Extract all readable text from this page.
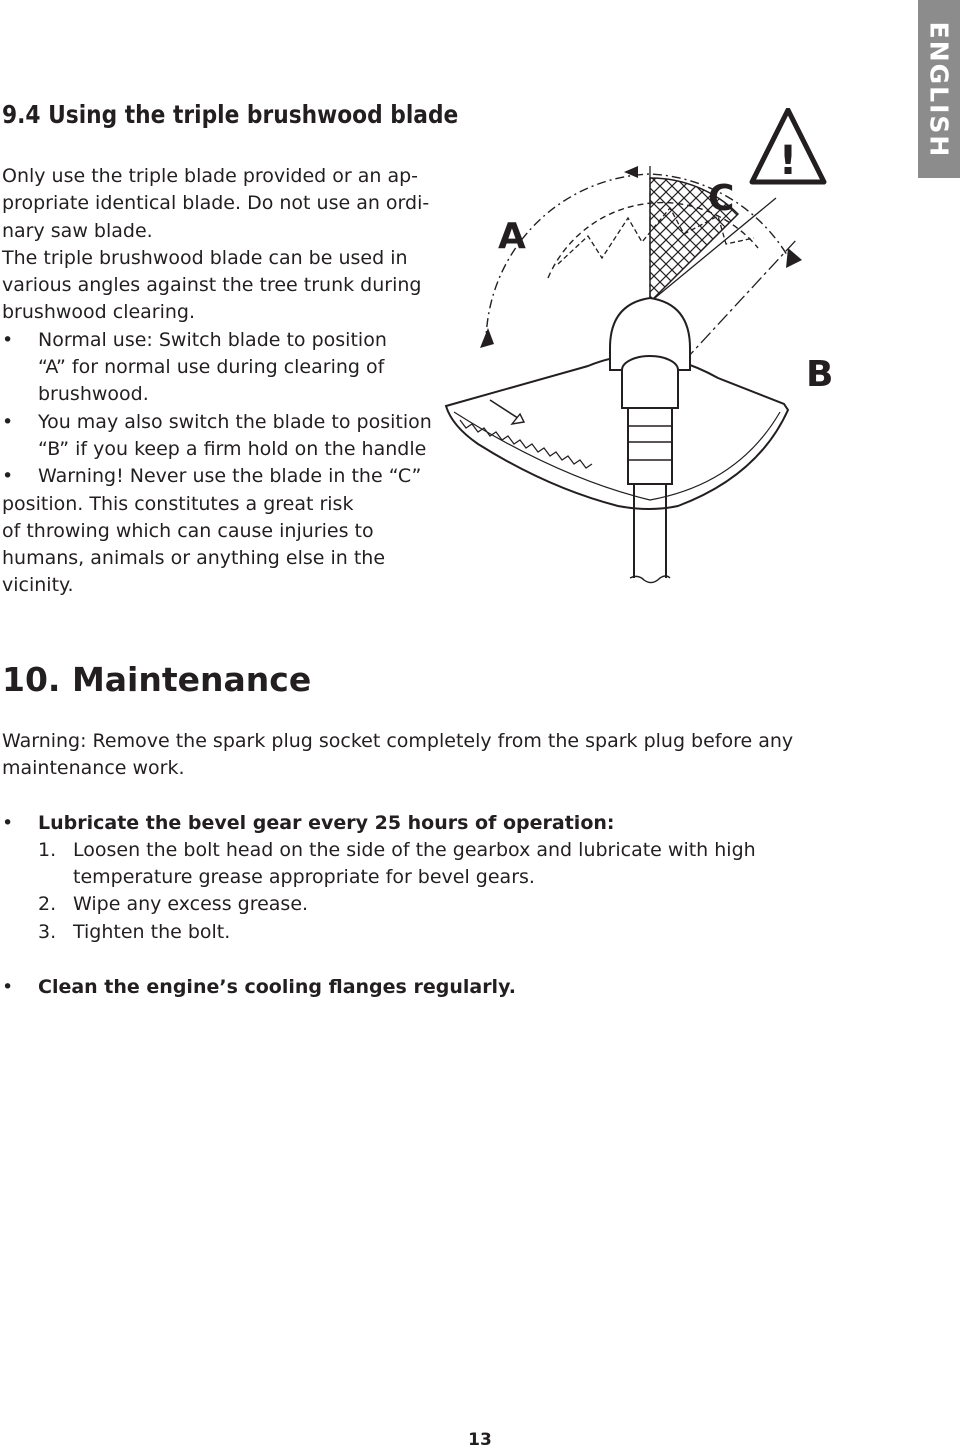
ENGLISH
9.4 Using the triple brushwood blade

Only use the triple blade provided or an ap-

propriate identical blade. Do not use an ordi-

nary saw blade.

The triple brushwood blade can be used in

various angles against the tree trunk during

brushwood clearing.

• Normal use: Switch blade to position
“A” for normal use during clearing of
brushwood.
• You may also switch the blade to position
“B” if you keep a firm hold on the handle
• Warning! Never use the blade in the “C”

position. This constitutes a great risk

of throwing which can cause injuries to

humans, animals or anything else in the

vicinity.

!
A
C
B
10. Maintenance

Warning: Remove the spark plug socket completely from the spark plug before any

maintenance work.

• Lubricate the bevel gear every 25 hours of operation:

1. Loosen the bolt head on the side of the gearbox and lubricate with high
temperature grease appropriate for bevel gears.
2. Wipe any excess grease.
3. Tighten the bolt.

• Clean the engine’s cooling flanges regularly.

13
